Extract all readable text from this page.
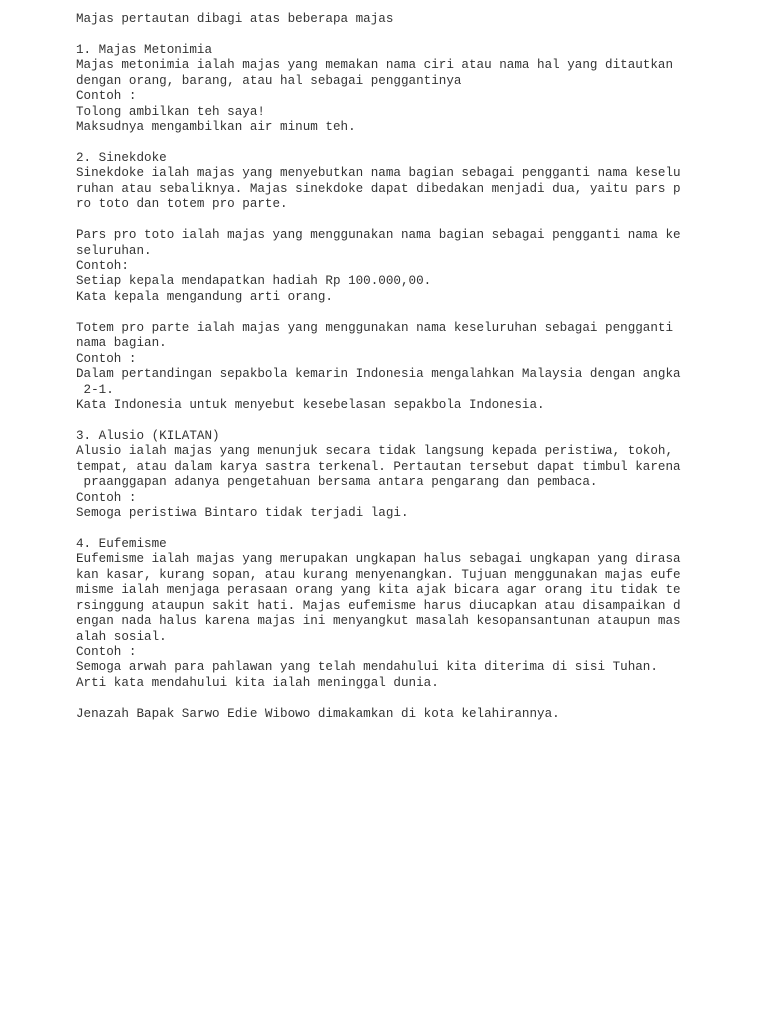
Majas pertautan dibagi atas beberapa majas
1. Majas Metonimia
Majas metonimia ialah majas yang memakan nama ciri atau nama hal yang ditautkan
dengan orang, barang, atau hal sebagai penggantinya
Contoh :
Tolong ambilkan teh saya!
Maksudnya mengambilkan air minum teh.
2. Sinekdoke
Sinekdoke ialah majas yang menyebutkan nama bagian sebagai pengganti nama keselu
ruhan atau sebaliknya. Majas sinekdoke dapat dibedakan menjadi dua, yaitu pars p
ro toto dan totem pro parte.
Pars pro toto ialah majas yang menggunakan nama bagian sebagai pengganti nama ke
seluruhan.
Contoh:
Setiap kepala mendapatkan hadiah Rp 100.000,00.
Kata kepala mengandung arti orang.
Totem pro parte ialah majas yang menggunakan nama keseluruhan sebagai pengganti
nama bagian.
Contoh :
Dalam pertandingan sepakbola kemarin Indonesia mengalahkan Malaysia dengan angka
2-1.
Kata Indonesia untuk menyebut kesebelasan sepakbola Indonesia.
3. Alusio (KILATAN)
Alusio ialah majas yang menunjuk secara tidak langsung kepada peristiwa, tokoh,
tempat, atau dalam karya sastra terkenal. Pertautan tersebut dapat timbul karena
praanggapan adanya pengetahuan bersama antara pengarang dan pembaca.
Contoh :
Semoga peristiwa Bintaro tidak terjadi lagi.
4. Eufemisme
Eufemisme ialah majas yang merupakan ungkapan halus sebagai ungkapan yang dirasa
kan kasar, kurang sopan, atau kurang menyenangkan. Tujuan menggunakan majas eufe
misme ialah menjaga perasaan orang yang kita ajak bicara agar orang itu tidak te
rsinggung ataupun sakit hati. Majas eufemisme harus diucapkan atau disampaikan d
engan nada halus karena majas ini menyangkut masalah kesopansantunan ataupun mas
alah sosial.
Contoh :
Semoga arwah para pahlawan yang telah mendahului kita diterima di sisi Tuhan.
Arti kata mendahului kita ialah meninggal dunia.
Jenazah Bapak Sarwo Edie Wibowo dimakamkan di kota kelahirannya.
